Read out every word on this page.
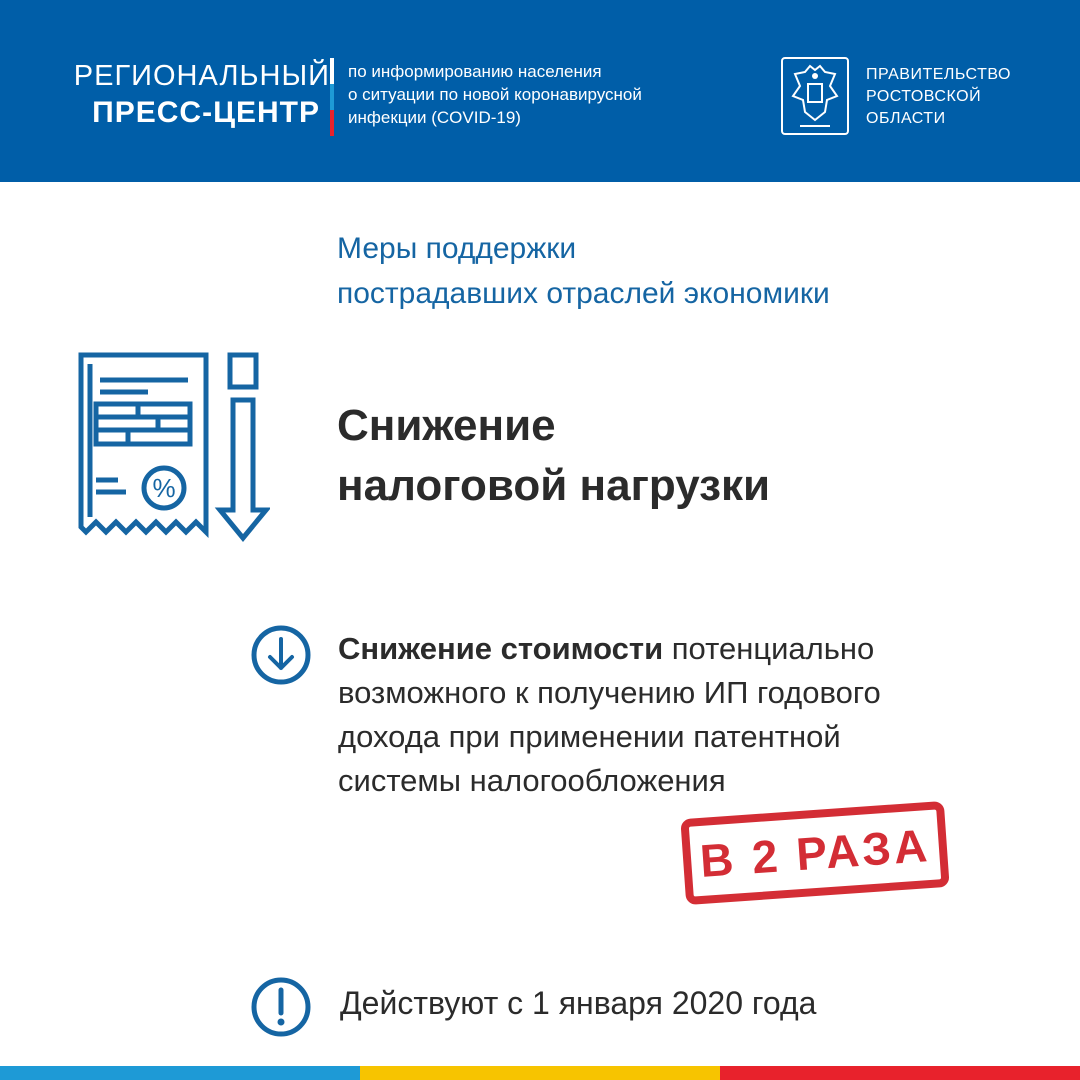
РЕГИОНАЛЬНЫЙ
ПРЕСС-ЦЕНТР
по информированию населения
о ситуации по новой коронавирусной
инфекции (COVID-19)
ПРАВИТЕЛЬСТВО
РОСТОВСКОЙ
ОБЛАСТИ
Меры поддержки
пострадавших отраслей экономики
%
Снижение
налоговой нагрузки
Снижение стоимости потенциально
возможного к получению ИП годового
дохода при применении патентной
системы налогообложения
В 2 РАЗА
Действуют с 1 января 2020 года
